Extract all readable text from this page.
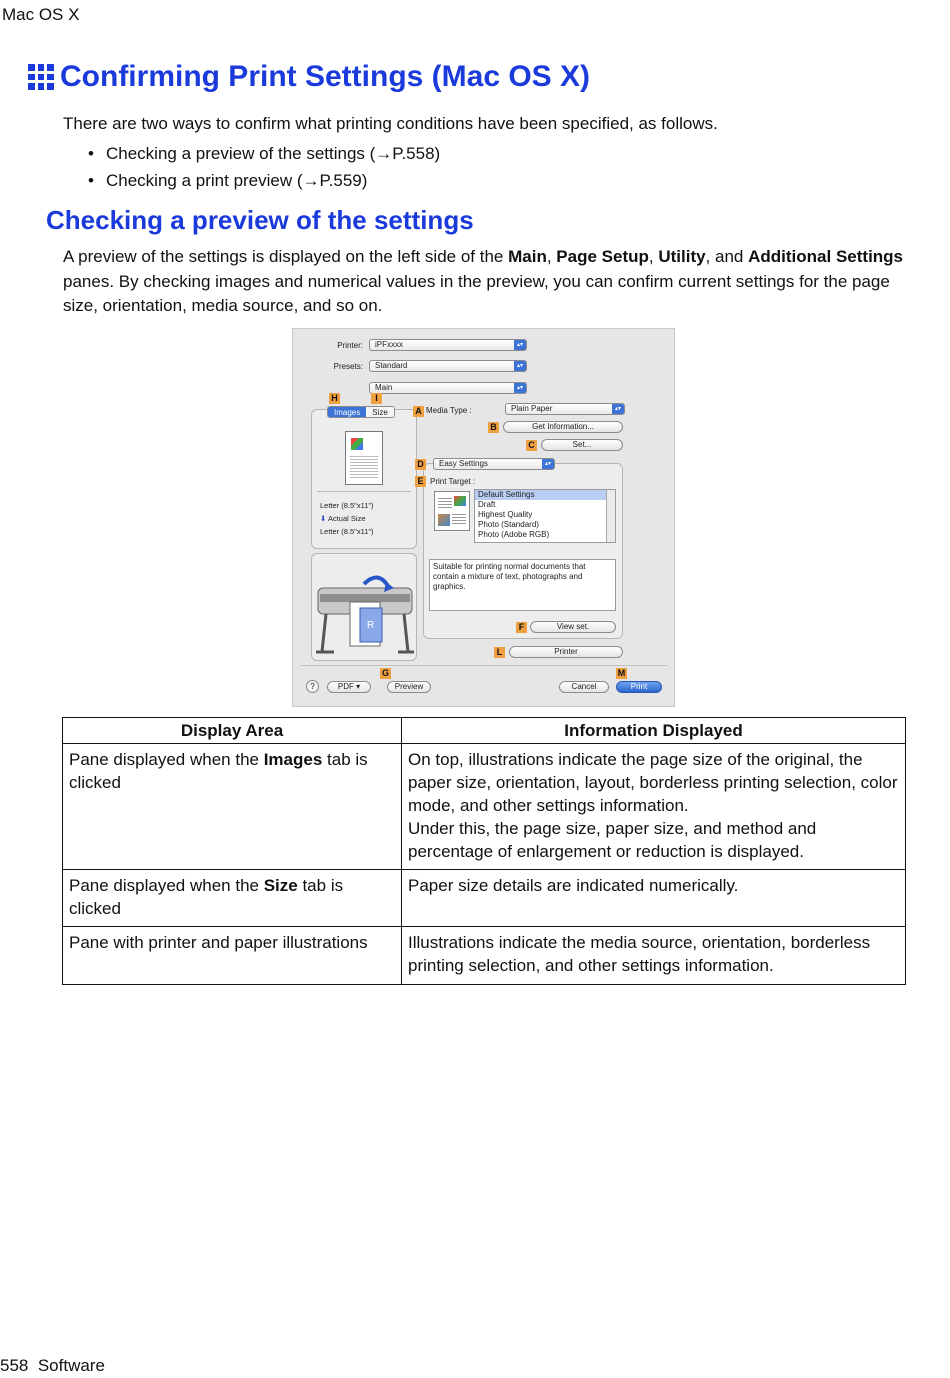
Mac OS X
Confirming Print Settings (Mac OS X)
There are two ways to confirm what printing conditions have been specified, as follows.
• Checking a preview of the settings (→P.558)
• Checking a print preview (→P.559)
Checking a preview of the settings
A preview of the settings is displayed on the left side of the Main, Page Setup, Utility, and Additional Settings panes. By checking images and numerical values in the preview, you can confirm current settings for the page size, orientation, media source, and so on.
Printer:	iPFxxxx	▴▾
Presets:	Standard	▴▾
Main	▴▾
H	I
Images	Size
Letter (8.5"x11")
⬇ Actual Size
Letter (8.5"x11")
R
A Media Type :	Plain Paper	▴▾
B	Get Information...
C	Set...
D	Easy Settings	▴▾
E Print Target :
Default Settings
Draft
Highest Quality
Photo (Standard)
Photo (Adobe RGB)
Suitable for printing normal documents that contain a mixture of text, photographs and graphics.
F	View set.
L	Printer
G	M
?	PDF ▾	Preview	Cancel	Print
Display Area	Information Displayed
Pane displayed when the Images tab is clicked	On top, illustrations indicate the page size of the original, the paper size, orientation, layout, borderless printing selection, color mode, and other settings information.
Under this, the page size, paper size, and method and percentage of enlargement or reduction is displayed.

Pane displayed when the Size tab is clicked	Paper size details are indicated numerically.
Pane with printer and paper illustrations	Illustrations indicate the media source, orientation, borderless printing selection, and other settings information.
558 Software
